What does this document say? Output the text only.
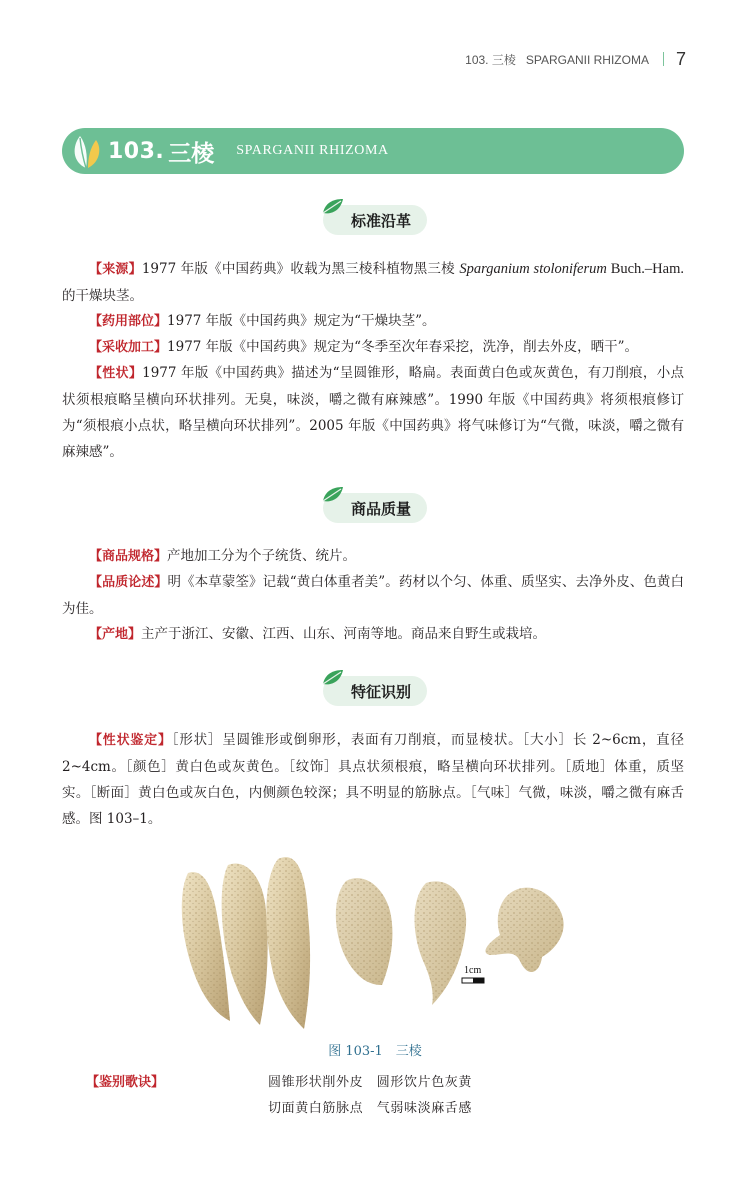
103. 三棱   SPARGANII RHIZOMA 7
103. 三棱 SPARGANII RHIZOMA
标准沿革

【来源】1977 年版《中国药典》收载为黑三棱科植物黑三棱 Sparganium stoloniferum Buch.–Ham.的干燥块茎。

【药用部位】1977 年版《中国药典》规定为“干燥块茎”。

【采收加工】1977 年版《中国药典》规定为“冬季至次年春采挖，洗净，削去外皮，晒干”。

【性状】1977 年版《中国药典》描述为“呈圆锥形，略扁。表面黄白色或灰黄色，有刀削痕，小点状须根痕略呈横向环状排列。无臭，味淡，嚼之微有麻辣感”。1990 年版《中国药典》将须根痕修订为“须根痕小点状，略呈横向环状排列”。2005 年版《中国药典》将气味修订为“气微，味淡，嚼之微有麻辣感”。

商品质量

【商品规格】产地加工分为个子统货、统片。

【品质论述】明《本草蒙筌》记载“黄白体重者美”。药材以个匀、体重、质坚实、去净外皮、色黄白为佳。

【产地】主产于浙江、安徽、江西、山东、河南等地。商品来自野生或栽培。

特征识别

【性状鉴定】［形状］呈圆锥形或倒卵形，表面有刀削痕，而显棱状。［大小］长 2~6cm，直径 2~4cm。［颜色］黄白色或灰黄色。［纹饰］具点状须根痕，略呈横向环状排列。［质地］体重，质坚实。［断面］黄白色或灰白色，内侧颜色较深；具不明显的筋脉点。［气味］气微，味淡，嚼之微有麻舌感。图 103–1。

1cm
图 103-1　三棱
【鉴别歌诀】	圆锥形状削外皮　圆形饮片色灰黄
切面黄白筋脉点　气弱味淡麻舌感
